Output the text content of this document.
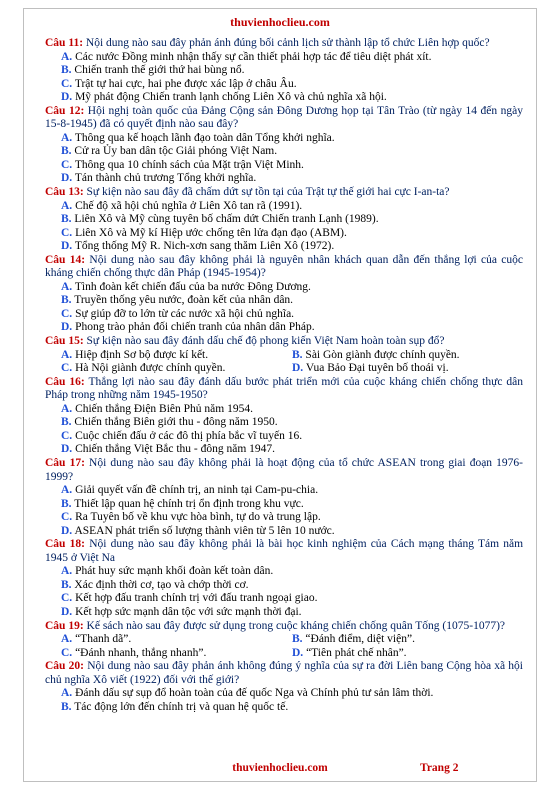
thuvienhoclieu.com

Câu 11: Nội dung nào sau đây phản ánh đúng bối cảnh lịch sử thành lập tổ chức Liên hợp quốc?

A. Các nước Đồng minh nhận thấy sự cần thiết phải hợp tác để tiêu diệt phát xít.

B. Chiến tranh thế giới thứ hai bùng nổ.

C. Trật tự hai cực, hai phe được xác lập ở châu Âu.

D. Mỹ phát động Chiến tranh lạnh chống Liên Xô và chủ nghĩa xã hội.

Câu 12: Hội nghị toàn quốc của Đảng Cộng sản Đông Dương họp tại Tân Trào (từ ngày 14 đến ngày 15-8-1945) đã có quyết định nào sau đây?

A. Thông qua kế hoạch lãnh đạo toàn dân Tổng khởi nghĩa.

B. Cử ra Ủy ban dân tộc Giải phóng Việt Nam.

C. Thông qua 10 chính sách của Mặt trận Việt Minh.

D. Tán thành chủ trương Tổng khởi nghĩa.

Câu 13: Sự kiện nào sau đây đã chấm dứt sự tồn tại của Trật tự thế giới hai cực I-an-ta?

A. Chế độ xã hội chủ nghĩa ở Liên Xô tan rã (1991).

B. Liên Xô và Mỹ cùng tuyên bố chấm dứt Chiến tranh Lạnh (1989).

C. Liên Xô và Mỹ kí Hiệp ước chống tên lửa đạn đạo (ABM).

D. Tổng thống Mỹ R. Nich-xơn sang thăm Liên Xô (1972).

Câu 14: Nội dung nào sau đây không phải là nguyên nhân khách quan dẫn đến thắng lợi của cuộc kháng chiến chống thực dân Pháp (1945-1954)?

A. Tình đoàn kết chiến đấu của ba nước Đông Dương.

B. Truyền thống yêu nước, đoàn kết của nhân dân.

C. Sự giúp đỡ to lớn từ các nước xã hội chủ nghĩa.

D. Phong trào phản đối chiến tranh của nhân dân Pháp.

Câu 15: Sự kiện nào sau đây đánh dấu chế độ phong kiến Việt Nam hoàn toàn sụp đổ?

A. Hiệp định Sơ bộ được kí kết.	B. Sài Gòn giành được chính quyền.
C. Hà Nội giành được chính quyền.	D. Vua Bảo Đại tuyên bố thoái vị.

Câu 16: Thắng lợi nào sau đây đánh dấu bước phát triển mới của cuộc kháng chiến chống thực dân Pháp trong những năm 1945-1950?

A. Chiến thắng Điện Biên Phủ năm 1954.

B. Chiến thắng Biên giới thu - đông năm 1950.

C. Cuộc chiến đấu ở các đô thị phía bắc vĩ tuyến 16.

D. Chiến thắng Việt Bắc thu - đông năm 1947.

Câu 17: Nội dung nào sau đây không phải là hoạt động của tổ chức ASEAN trong giai đoạn 1976-1999?

A. Giải quyết vấn đề chính trị, an ninh tại Cam-pu-chia.

B. Thiết lập quan hệ chính trị ổn định trong khu vực.

C. Ra Tuyên bố về khu vực hòa bình, tự do và trung lập.

D. ASEAN phát triển số lượng thành viên từ 5 lên 10 nước.

Câu 18: Nội dung nào sau đây không phải là bài học kinh nghiệm của Cách mạng tháng Tám năm 1945 ở Việt Na

A. Phát huy sức mạnh khối đoàn kết toàn dân.

B. Xác định thời cơ, tạo và chớp thời cơ.

C. Kết hợp đấu tranh chính trị với đấu tranh ngoại giao.

D. Kết hợp sức mạnh dân tộc với sức mạnh thời đại.

Câu 19: Kế sách nào sau đây được sử dụng trong cuộc kháng chiến chống quân Tống (1075-1077)?

A. “Thanh dã”.	B. “Đánh điểm, diệt viện”.
C. “Đánh nhanh, thắng nhanh”.	D. “Tiên phát chế nhân”.

Câu 20: Nội dung nào sau đây phản ánh không đúng ý nghĩa của sự ra đời Liên bang Cộng hòa xã hội chủ nghĩa Xô viết (1922) đối với thế giới?

A. Đánh dấu sự sụp đổ hoàn toàn của đế quốc Nga và Chính phủ tư sản lâm thời.

B. Tác động lớn đến chính trị và quan hệ quốc tế.

thuvienhoclieu.com	Trang 2
